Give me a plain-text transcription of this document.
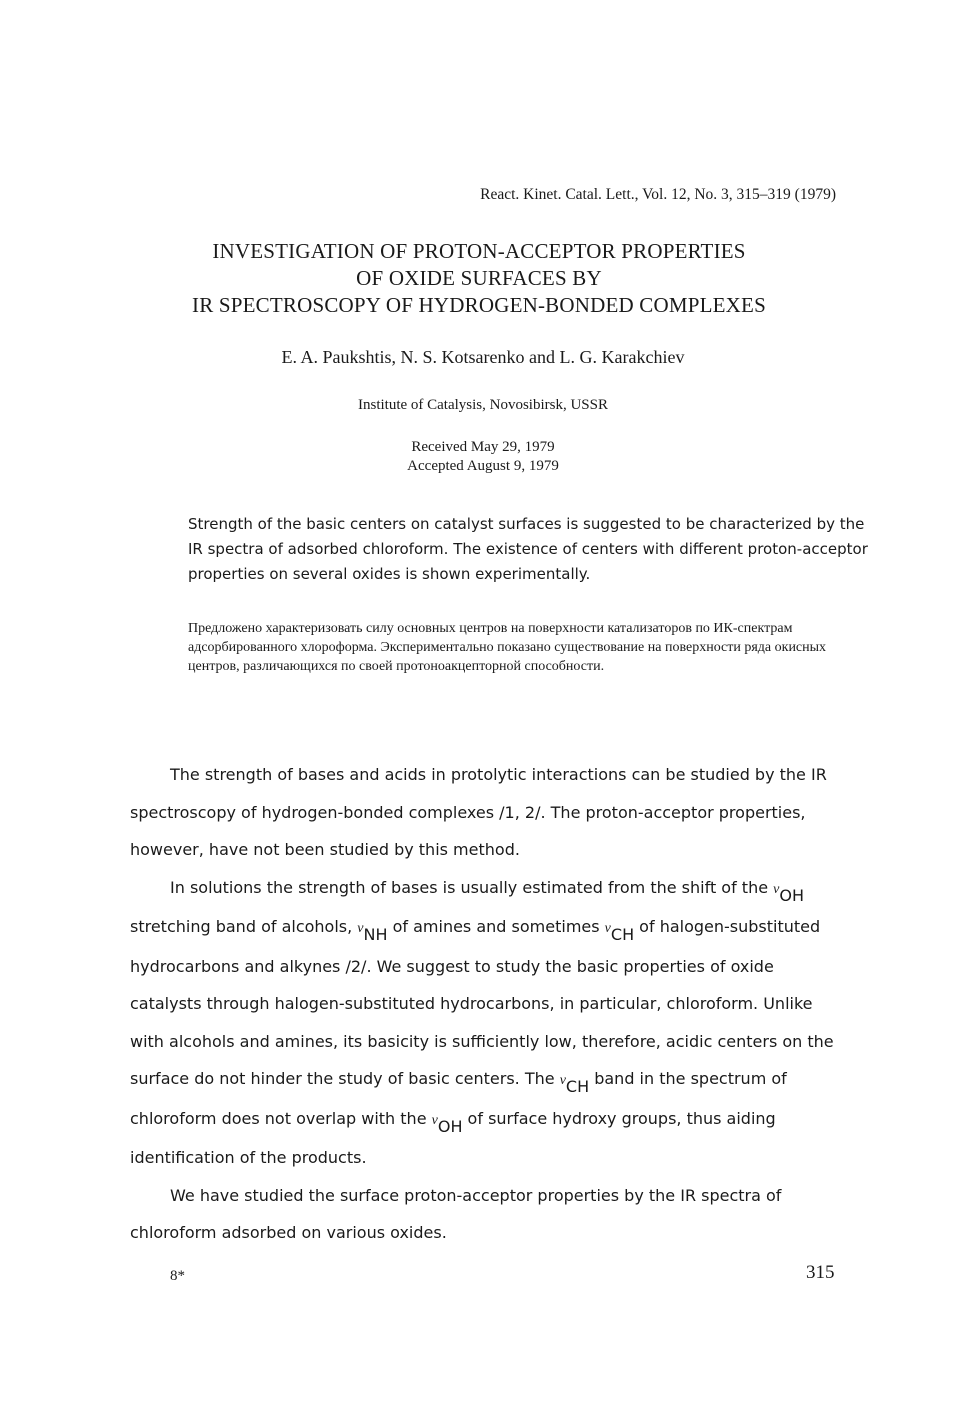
React. Kinet. Catal. Lett., Vol. 12, No. 3, 315–319 (1979)
INVESTIGATION OF PROTON-ACCEPTOR PROPERTIES
OF OXIDE SURFACES BY
IR SPECTROSCOPY OF HYDROGEN-BONDED COMPLEXES
E. A. Paukshtis, N. S. Kotsarenko and L. G. Karakchiev
Institute of Catalysis, Novosibirsk, USSR
Received May 29, 1979
Accepted August 9, 1979
Strength of the basic centers on catalyst surfaces is suggested to be characterized by the IR spectra of adsorbed chloroform. The existence of centers with different proton-acceptor properties on several oxides is shown experimentally.
Предложено характеризовать силу основных центров на поверхности катализаторов по ИК-спектрам адсорбированного хлороформа. Экспериментально показано существование на поверхности ряда окисных центров, различающихся по своей протоноакцепторной способности.

The strength of bases and acids in protolytic interactions can be studied by the IR spectroscopy of hydrogen-bonded complexes /1, 2/. The proton-acceptor properties, however, have not been studied by this method.

In solutions the strength of bases is usually estimated from the shift of the νOH stretching band of alcohols, νNH of amines and sometimes νCH of halogen-substituted hydrocarbons and alkynes /2/. We suggest to study the basic properties of oxide catalysts through halogen-substituted hydrocarbons, in particular, chloroform. Unlike with alcohols and amines, its basicity is sufficiently low, therefore, acidic centers on the surface do not hinder the study of basic centers. The νCH band in the spectrum of chloroform does not overlap with the νOH of surface hydroxy groups, thus aiding identification of the products.

We have studied the surface proton-acceptor properties by the IR spectra of chloroform adsorbed on various oxides.

8*	315
